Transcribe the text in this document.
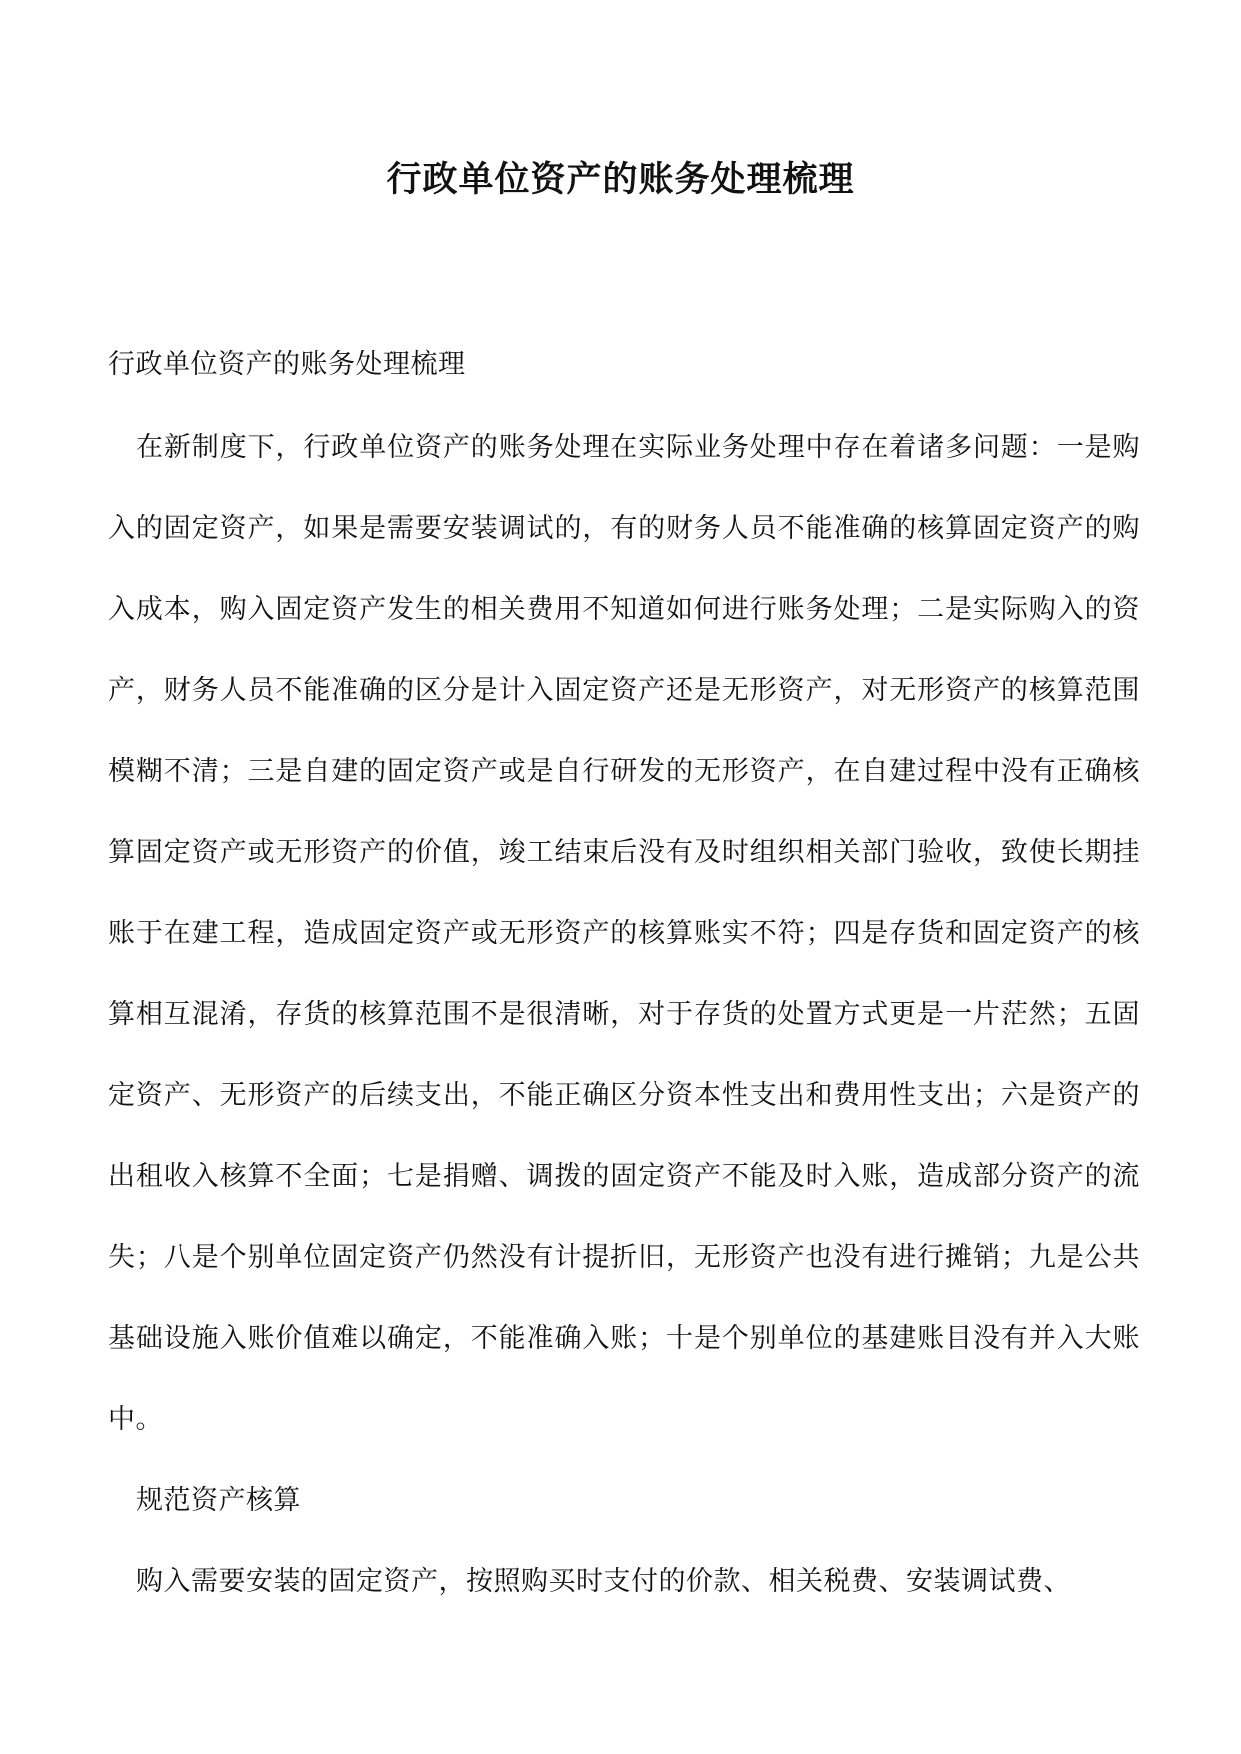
行政单位资产的账务处理梳理

行政单位资产的账务处理梳理

在新制度下，行政单位资产的账务处理在实际业务处理中存在着诸多问题：一是购入的固定资产，如果是需要安装调试的，有的财务人员不能准确的核算固定资产的购入成本，购入固定资产发生的相关费用不知道如何进行账务处理；二是实际购入的资产，财务人员不能准确的区分是计入固定资产还是无形资产，对无形资产的核算范围模糊不清；三是自建的固定资产或是自行研发的无形资产，在自建过程中没有正确核算固定资产或无形资产的价值，竣工结束后没有及时组织相关部门验收，致使长期挂账于在建工程，造成固定资产或无形资产的核算账实不符；四是存货和固定资产的核算相互混淆，存货的核算范围不是很清晰，对于存货的处置方式更是一片茫然；五固定资产、无形资产的后续支出，不能正确区分资本性支出和费用性支出；六是资产的出租收入核算不全面；七是捐赠、调拨的固定资产不能及时入账，造成部分资产的流失；八是个别单位固定资产仍然没有计提折旧，无形资产也没有进行摊销；九是公共基础设施入账价值难以确定，不能准确入账；十是个别单位的基建账目没有并入大账中。

规范资产核算

购入需要安装的固定资产，按照购买时支付的价款、相关税费、安装调试费、
